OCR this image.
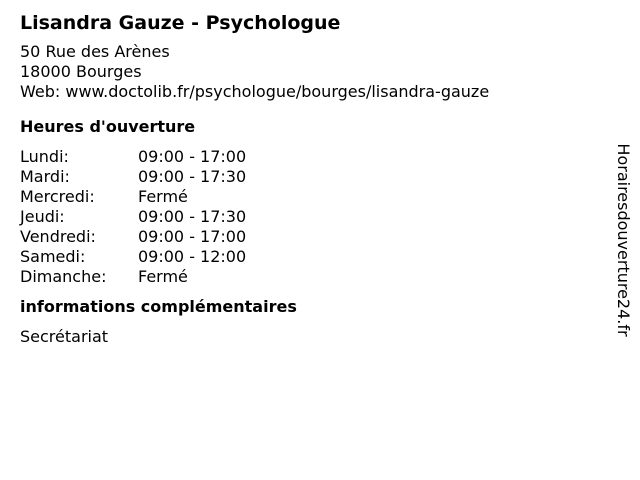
Lisandra Gauze - Psychologue
50 Rue des Arènes
18000 Bourges
Web: www.doctolib.fr/psychologue/bourges/lisandra-gauze
Heures d'ouverture
Lundi:	09:00 - 17:00
Mardi:	09:00 - 17:30
Mercredi:	Fermé
Jeudi:	09:00 - 17:30
Vendredi:	09:00 - 17:00
Samedi:	09:00 - 12:00
Dimanche:	Fermé
informations complémentaires
Secrétariat	Horairesdouverture24.fr
